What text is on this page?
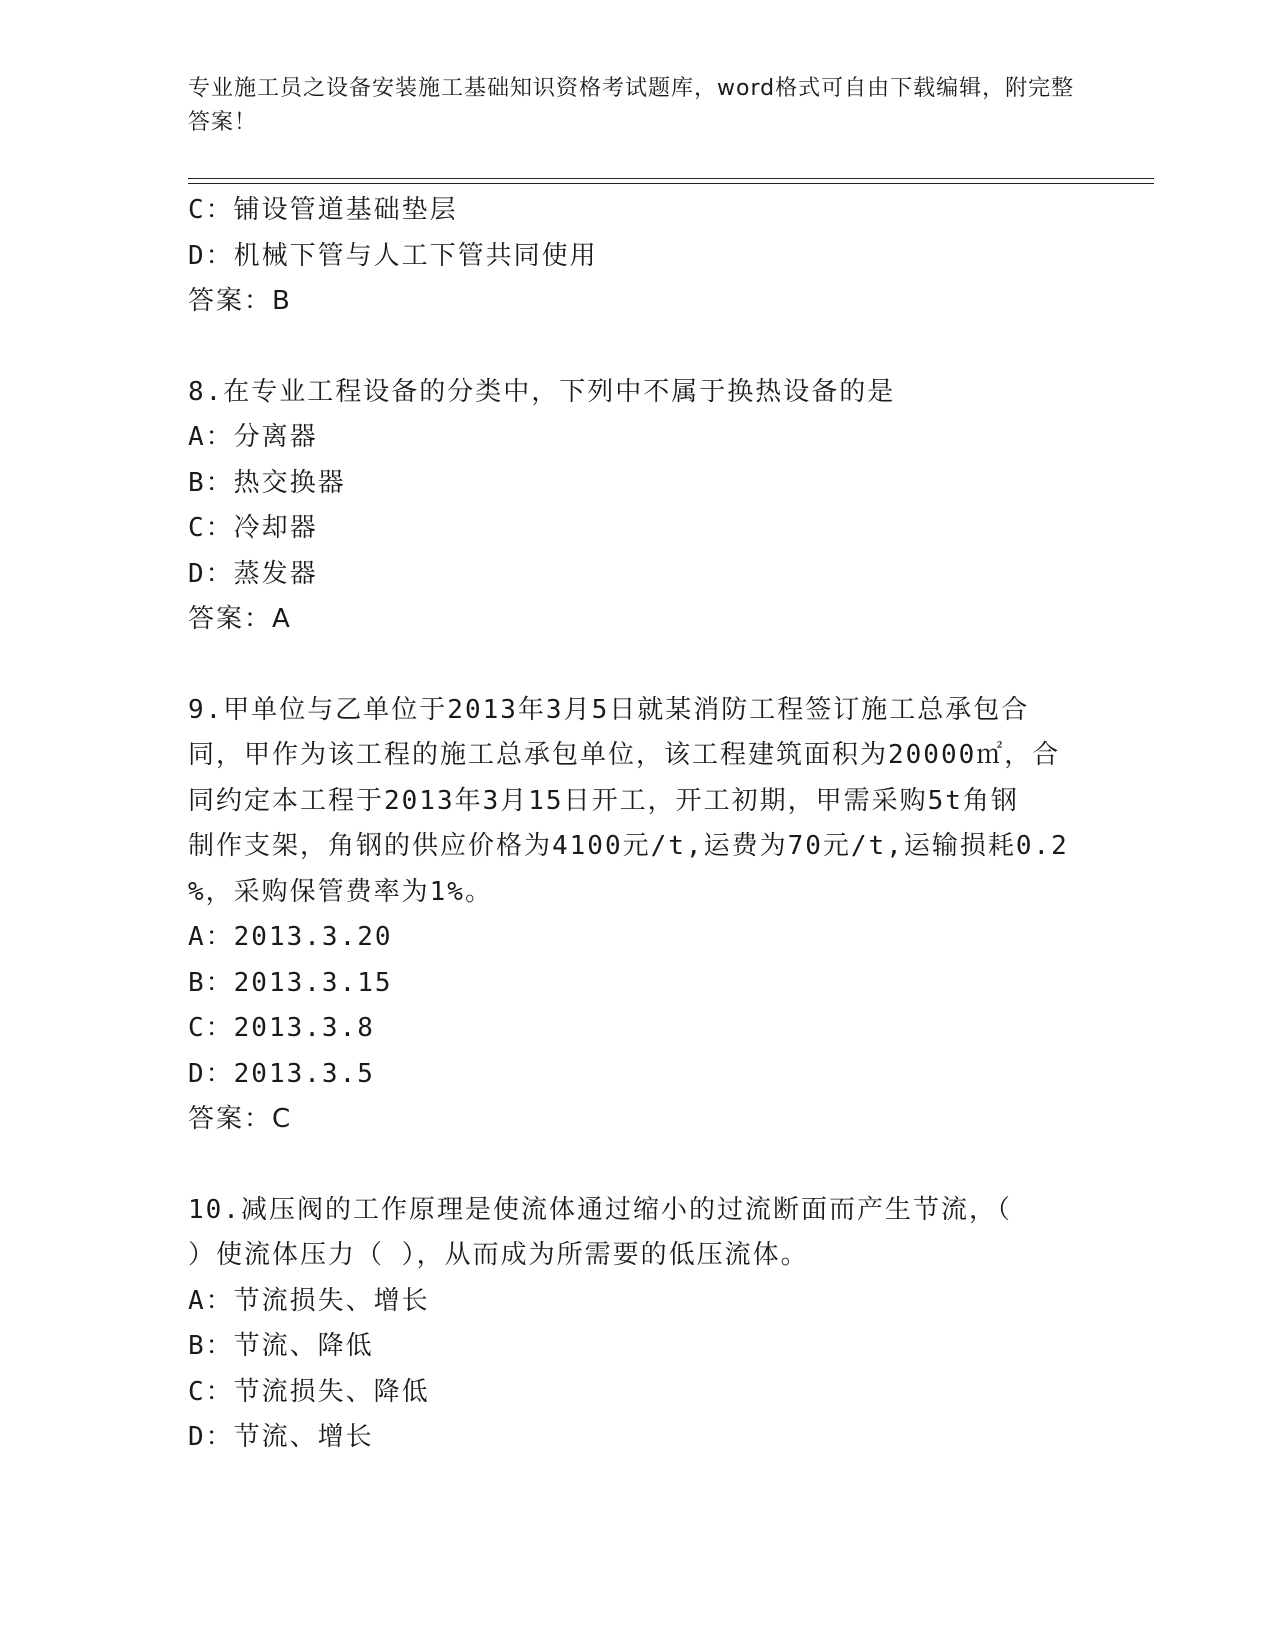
专业施工员之设备安装施工基础知识资格考试题库，word格式可自由下载编辑，附完整答案！
C：铺设管道基础垫层
D：机械下管与人工下管共同使用
答案：B
8.在专业工程设备的分类中，下列中不属于换热设备的是
A：分离器
B：热交换器
C：冷却器
D：蒸发器
答案：A
9.甲单位与乙单位于2013年3月5日就某消防工程签订施工总承包合
同，甲作为该工程的施工总承包单位，该工程建筑面积为20000㎡，合
同约定本工程于2013年3月15日开工，开工初期，甲需采购5t角钢
制作支架，角钢的供应价格为4100元/t,运费为70元/t,运输损耗0.2
%，采购保管费率为1%。
A：2013.3.20
B：2013.3.15
C：2013.3.8
D：2013.3.5
答案：C
10.减压阀的工作原理是使流体通过缩小的过流断面而产生节流，（
）使流体压力（ ），从而成为所需要的低压流体。
A：节流损失、增长
B：节流、降低
C：节流损失、降低
D：节流、增长
